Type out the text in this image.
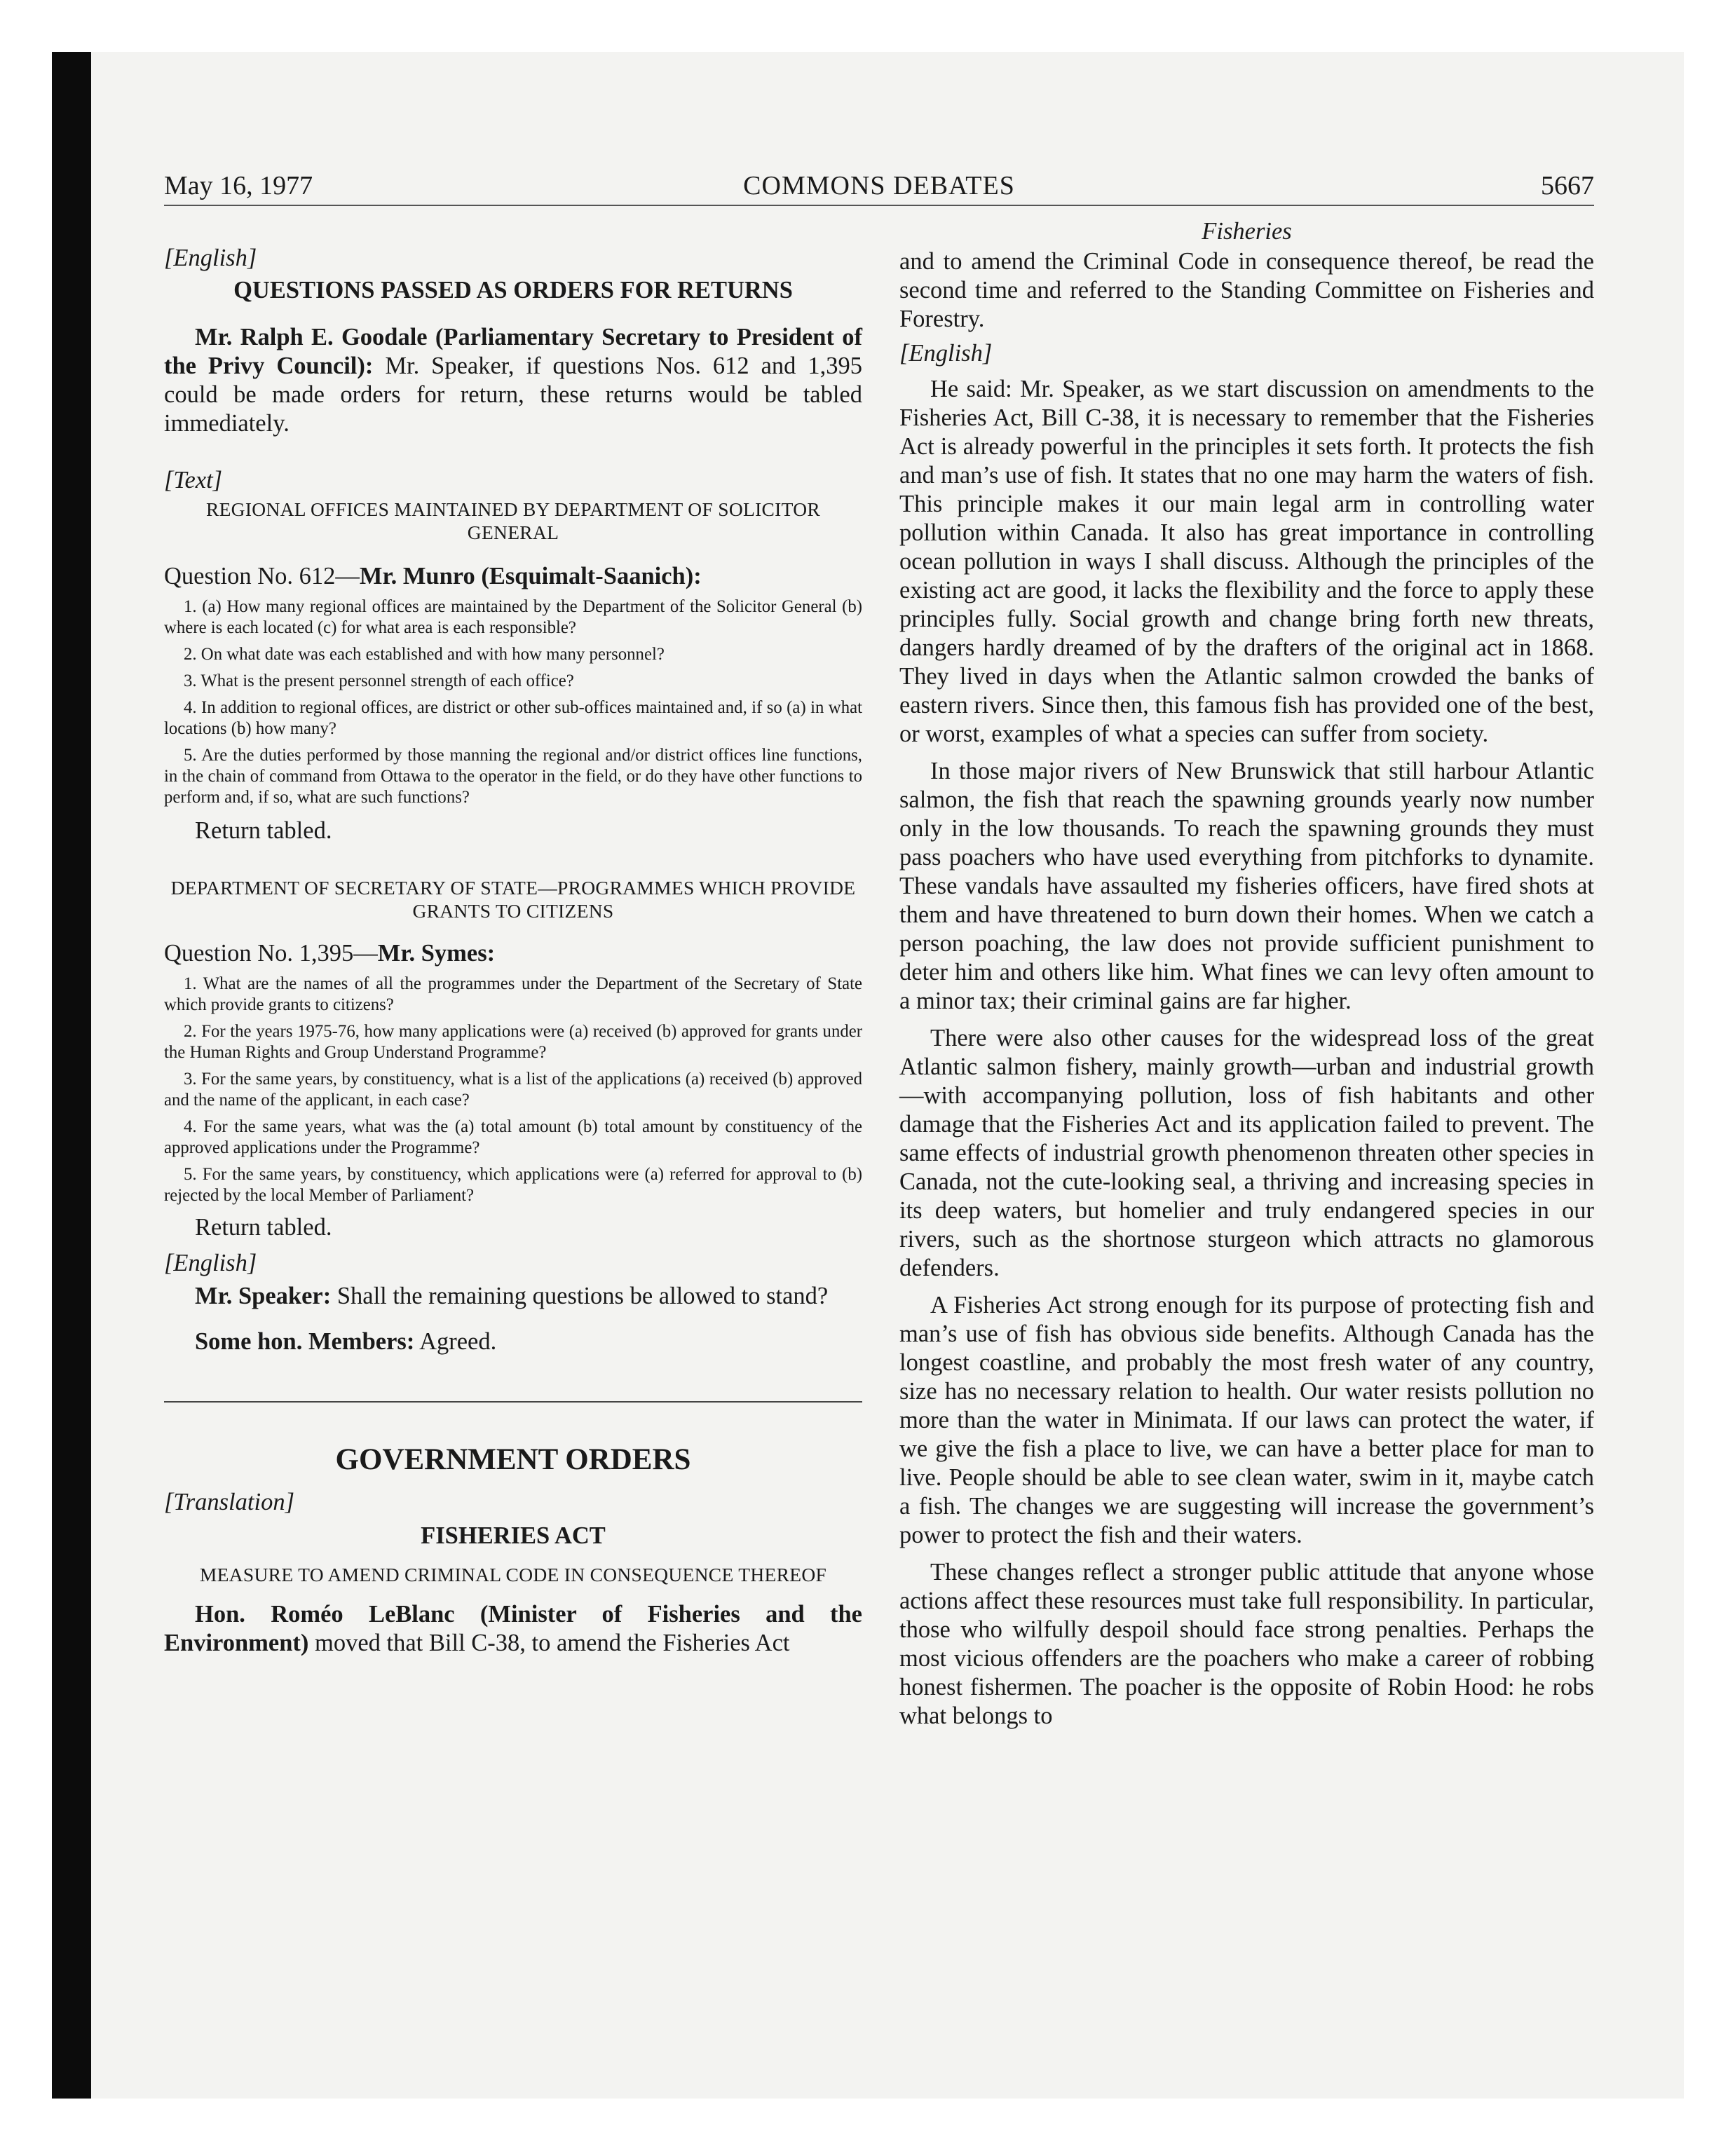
May 16, 1977	COMMONS DEBATES	5667

[English]

QUESTIONS PASSED AS ORDERS FOR RETURNS

Mr. Ralph E. Goodale (Parliamentary Secretary to President of the Privy Council): Mr. Speaker, if questions Nos. 612 and 1,395 could be made orders for return, these returns would be tabled immediately.

[Text]

REGIONAL OFFICES MAINTAINED BY DEPARTMENT OF SOLICITOR GENERAL

Question No. 612—Mr. Munro (Esquimalt-Saanich):

1. (a) How many regional offices are maintained by the Department of the Solicitor General (b) where is each located (c) for what area is each responsible?

2. On what date was each established and with how many personnel?

3. What is the present personnel strength of each office?

4. In addition to regional offices, are district or other sub-offices maintained and, if so (a) in what locations (b) how many?

5. Are the duties performed by those manning the regional and/or district offices line functions, in the chain of command from Ottawa to the operator in the field, or do they have other functions to perform and, if so, what are such functions?

Return tabled.

DEPARTMENT OF SECRETARY OF STATE—PROGRAMMES WHICH PROVIDE GRANTS TO CITIZENS

Question No. 1,395—Mr. Symes:

1. What are the names of all the programmes under the Department of the Secretary of State which provide grants to citizens?

2. For the years 1975-76, how many applications were (a) received (b) approved for grants under the Human Rights and Group Understand Programme?

3. For the same years, by constituency, what is a list of the applications (a) received (b) approved and the name of the applicant, in each case?

4. For the same years, what was the (a) total amount (b) total amount by constituency of the approved applications under the Programme?

5. For the same years, by constituency, which applications were (a) referred for approval to (b) rejected by the local Member of Parliament?

Return tabled.

[English]

Mr. Speaker: Shall the remaining questions be allowed to stand?

Some hon. Members: Agreed.

GOVERNMENT ORDERS

[Translation]

FISHERIES ACT

MEASURE TO AMEND CRIMINAL CODE IN CONSEQUENCE THEREOF

Hon. Roméo LeBlanc (Minister of Fisheries and the Environment) moved that Bill C-38, to amend the Fisheries Act

Fisheries

and to amend the Criminal Code in consequence thereof, be read the second time and referred to the Standing Committee on Fisheries and Forestry.

[English]

He said: Mr. Speaker, as we start discussion on amendments to the Fisheries Act, Bill C-38, it is necessary to remember that the Fisheries Act is already powerful in the principles it sets forth. It protects the fish and man’s use of fish. It states that no one may harm the waters of fish. This principle makes it our main legal arm in controlling water pollution within Canada. It also has great importance in controlling ocean pollution in ways I shall discuss. Although the principles of the existing act are good, it lacks the flexibility and the force to apply these principles fully. Social growth and change bring forth new threats, dangers hardly dreamed of by the drafters of the original act in 1868. They lived in days when the Atlantic salmon crowded the banks of eastern rivers. Since then, this famous fish has provided one of the best, or worst, examples of what a species can suffer from society.

In those major rivers of New Brunswick that still harbour Atlantic salmon, the fish that reach the spawning grounds yearly now number only in the low thousands. To reach the spawning grounds they must pass poachers who have used everything from pitchforks to dynamite. These vandals have assaulted my fisheries officers, have fired shots at them and have threatened to burn down their homes. When we catch a person poaching, the law does not provide sufficient punishment to deter him and others like him. What fines we can levy often amount to a minor tax; their criminal gains are far higher.

There were also other causes for the widespread loss of the great Atlantic salmon fishery, mainly growth—urban and industrial growth—with accompanying pollution, loss of fish habitants and other damage that the Fisheries Act and its application failed to prevent. The same effects of industrial growth phenomenon threaten other species in Canada, not the cute-looking seal, a thriving and increasing species in its deep waters, but homelier and truly endangered species in our rivers, such as the shortnose sturgeon which attracts no glamorous defenders.

A Fisheries Act strong enough for its purpose of protecting fish and man’s use of fish has obvious side benefits. Although Canada has the longest coastline, and probably the most fresh water of any country, size has no necessary relation to health. Our water resists pollution no more than the water in Minimata. If our laws can protect the water, if we give the fish a place to live, we can have a better place for man to live. People should be able to see clean water, swim in it, maybe catch a fish. The changes we are suggesting will increase the government’s power to protect the fish and their waters.

These changes reflect a stronger public attitude that anyone whose actions affect these resources must take full responsibility. In particular, those who wilfully despoil should face strong penalties. Perhaps the most vicious offenders are the poachers who make a career of robbing honest fishermen. The poacher is the opposite of Robin Hood: he robs what belongs to
